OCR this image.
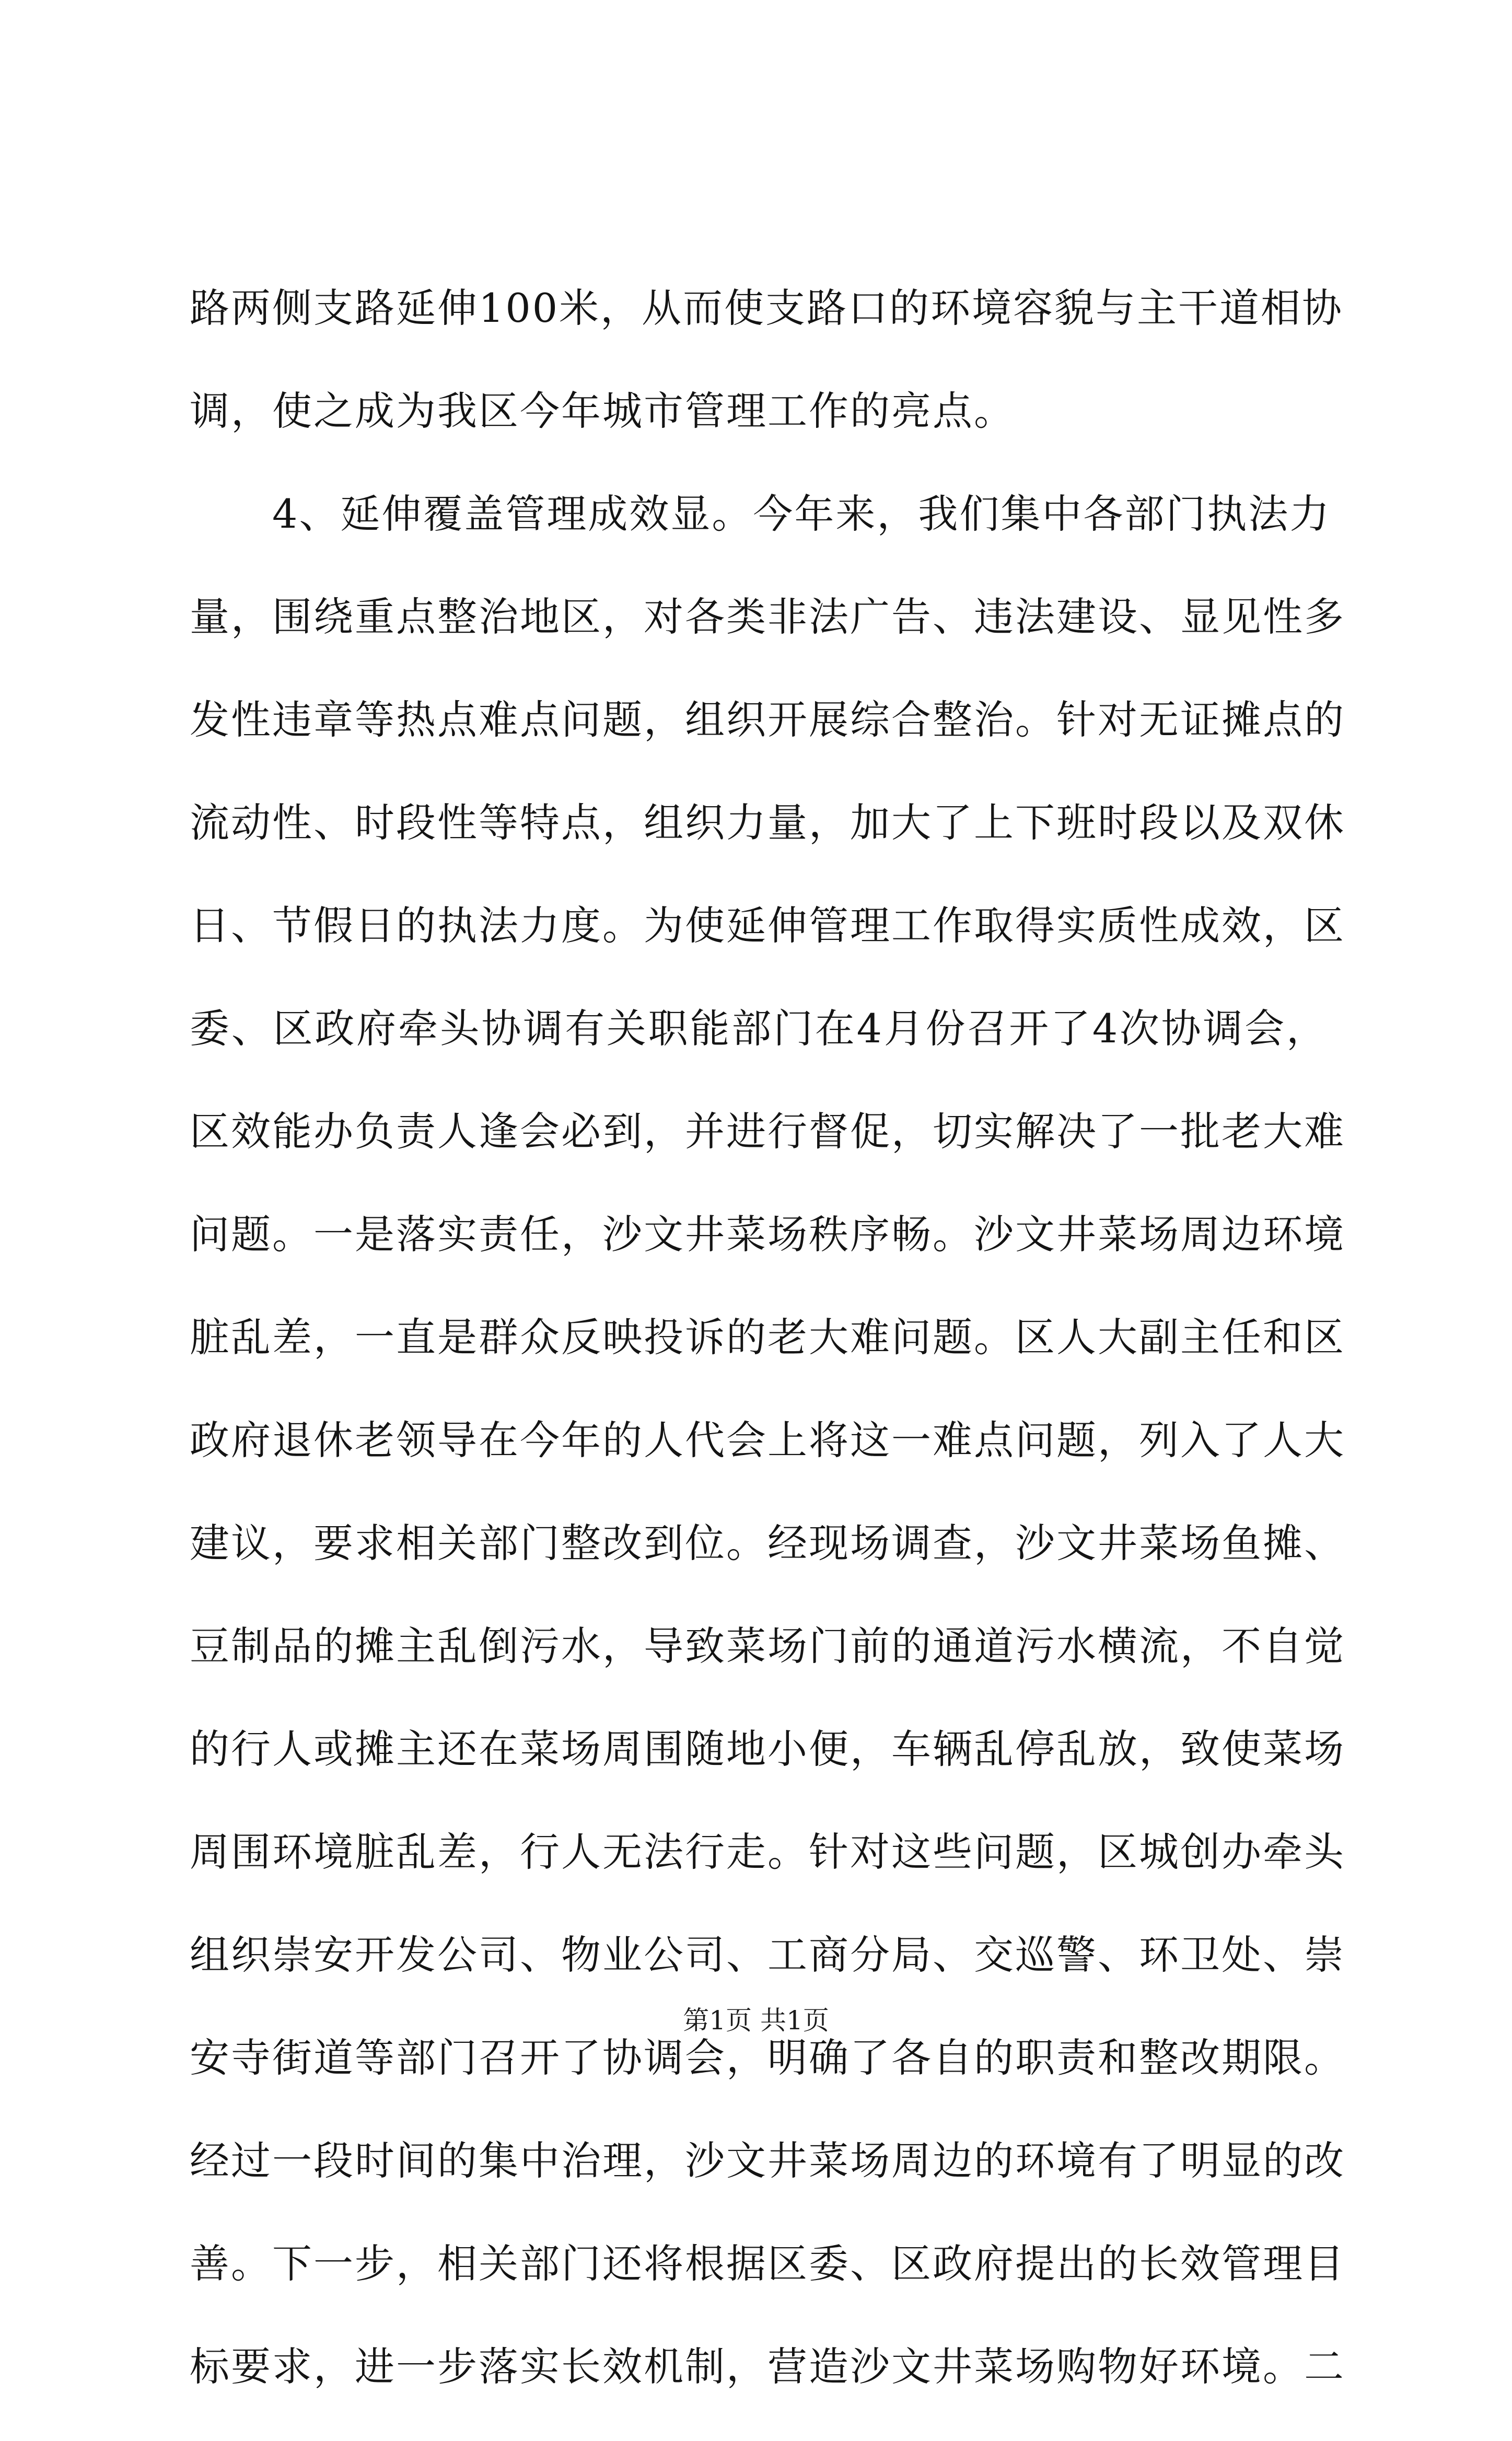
路两侧支路延伸100米，从而使支路口的环境容貌与主干道相协
调，使之成为我区今年城市管理工作的亮点。
4、延伸覆盖管理成效显。今年来，我们集中各部门执法力
量，围绕重点整治地区，对各类非法广告、违法建设、显见性多
发性违章等热点难点问题，组织开展综合整治。针对无证摊点的
流动性、时段性等特点，组织力量，加大了上下班时段以及双休
日、节假日的执法力度。为使延伸管理工作取得实质性成效，区
委、区政府牵头协调有关职能部门在4月份召开了4次协调会，
区效能办负责人逢会必到，并进行督促，切实解决了一批老大难
问题。一是落实责任，沙文井菜场秩序畅。沙文井菜场周边环境
脏乱差，一直是群众反映投诉的老大难问题。区人大副主任和区
政府退休老领导在今年的人代会上将这一难点问题，列入了人大
建议，要求相关部门整改到位。经现场调查，沙文井菜场鱼摊、
豆制品的摊主乱倒污水，导致菜场门前的通道污水横流，不自觉
的行人或摊主还在菜场周围随地小便，车辆乱停乱放，致使菜场
周围环境脏乱差，行人无法行走。针对这些问题，区城创办牵头
组织崇安开发公司、物业公司、工商分局、交巡警、环卫处、崇
安寺街道等部门召开了协调会，明确了各自的职责和整改期限。
经过一段时间的集中治理，沙文井菜场周边的环境有了明显的改
善。下一步，相关部门还将根据区委、区政府提出的长效管理目
标要求，进一步落实长效机制，营造沙文井菜场购物好环境。二
第1页 共1页
